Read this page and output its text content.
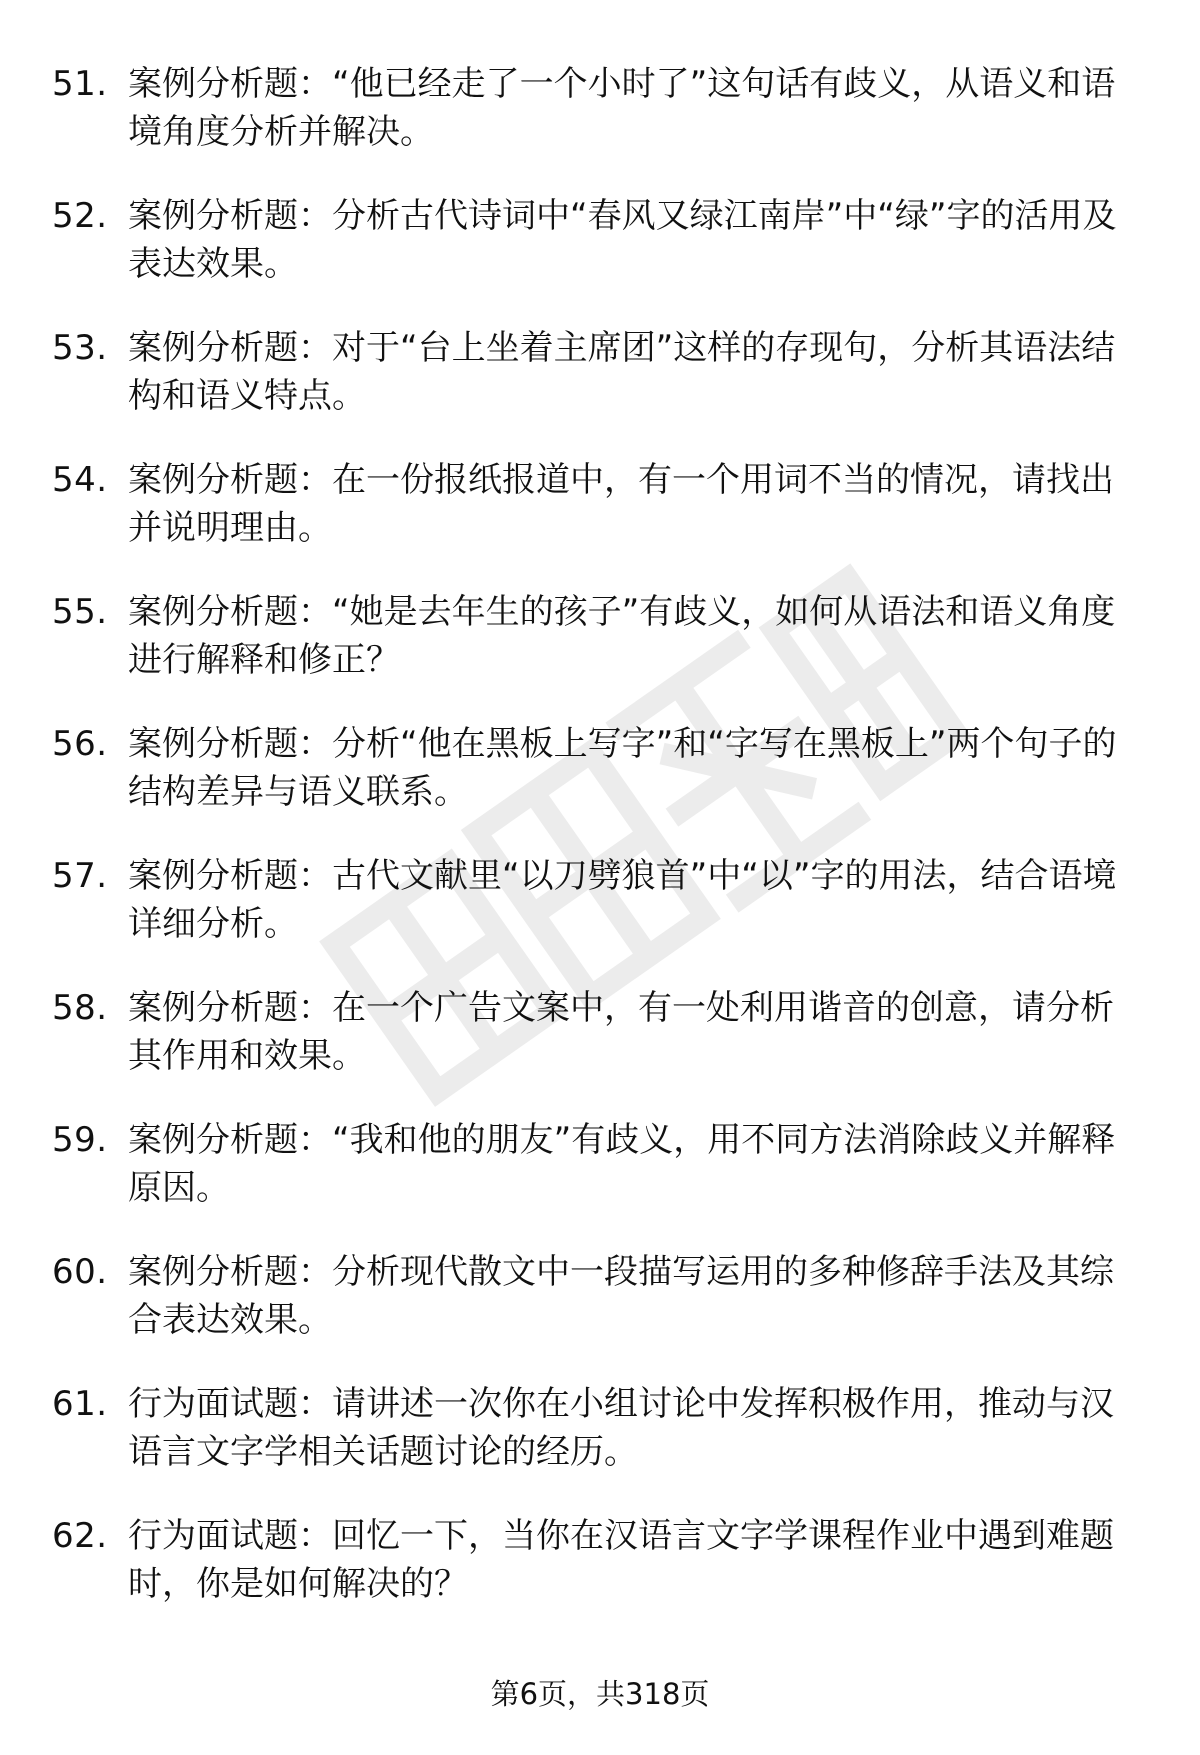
51. 案例分析题：“他已经走了一个小时了”这句话有歧义，从语义和语境角度分析并解决。
52. 案例分析题：分析古代诗词中“春风又绿江南岸”中“绿”字的活用及表达效果。
53. 案例分析题：对于“台上坐着主席团”这样的存现句，分析其语法结构和语义特点。
54. 案例分析题：在一份报纸报道中，有一个用词不当的情况，请找出并说明理由。
55. 案例分析题：“她是去年生的孩子”有歧义，如何从语法和语义角度进行解释和修正？
56. 案例分析题：分析“他在黑板上写字”和“字写在黑板上”两个句子的结构差异与语义联系。
57. 案例分析题：古代文献里“以刀劈狼首”中“以”字的用法，结合语境详细分析。
58. 案例分析题：在一个广告文案中，有一处利用谐音的创意，请分析其作用和效果。
59. 案例分析题：“我和他的朋友”有歧义，用不同方法消除歧义并解释原因。
60. 案例分析题：分析现代散文中一段描写运用的多种修辞手法及其综合表达效果。
61. 行为面试题：请讲述一次你在小组讨论中发挥积极作用，推动与汉语言文字学相关话题讨论的经历。
62. 行为面试题：回忆一下，当你在汉语言文字学课程作业中遇到难题时，你是如何解决的？
第6页，共318页
